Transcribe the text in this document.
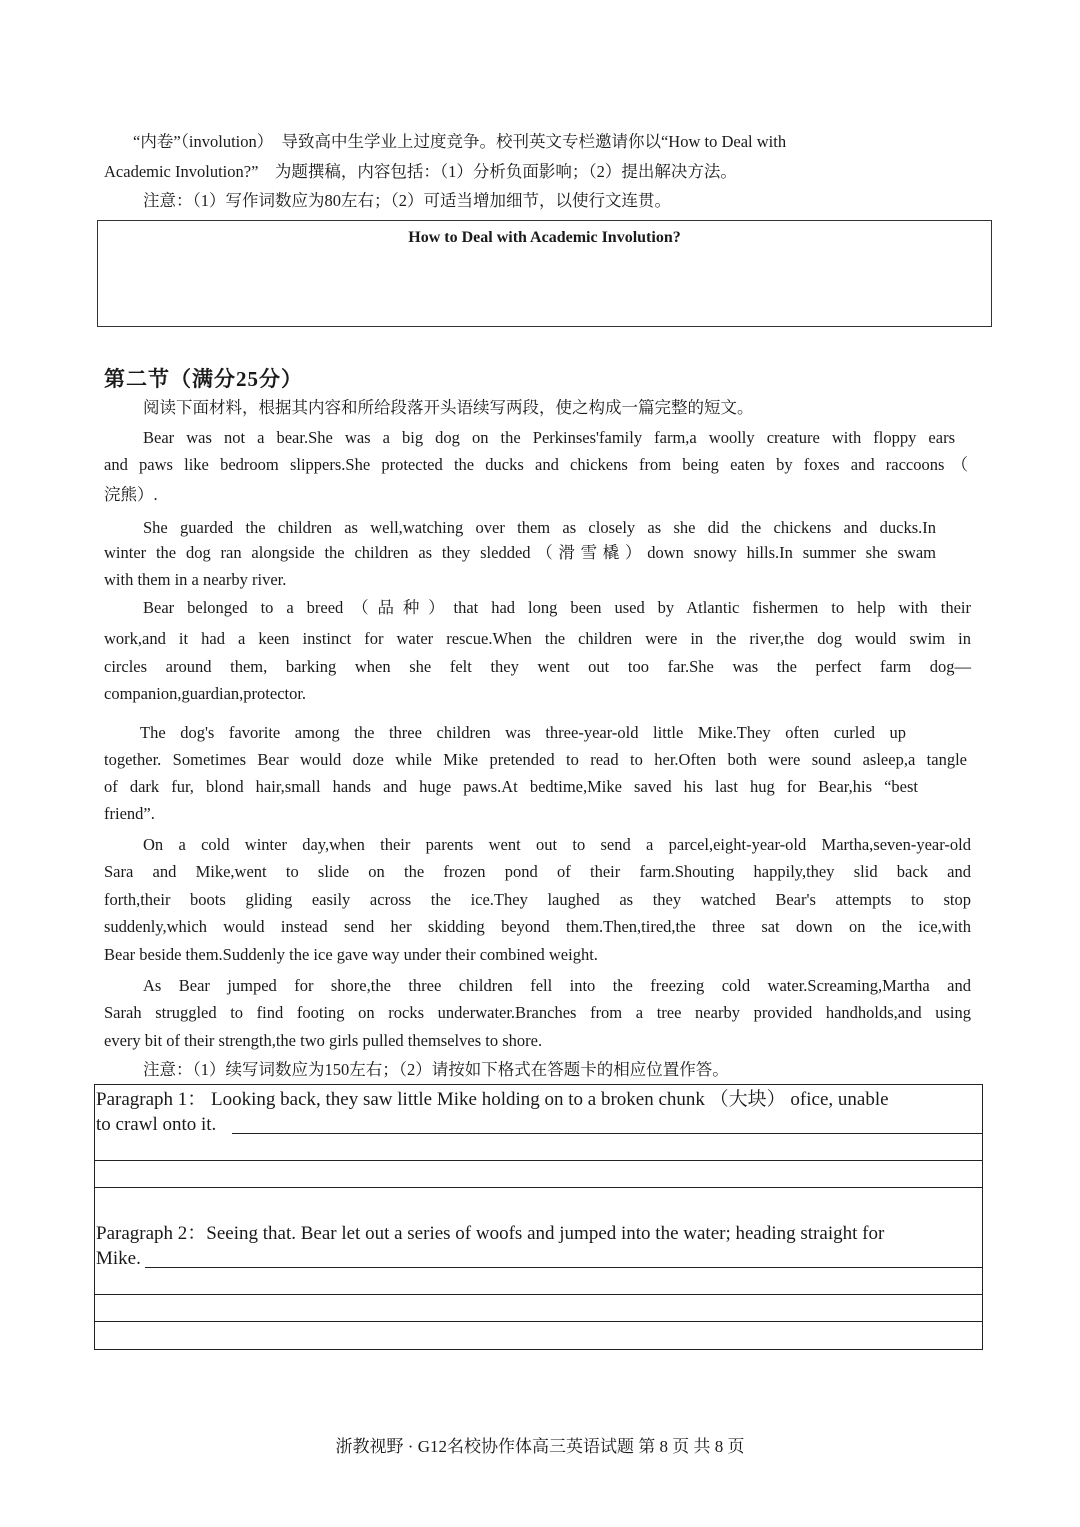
“内卷”（involution）　导致高中生学业上过度竞争。校刊英文专栏邀请你以“How to Deal with
Academic Involution?”　为题撰稿，内容包括：（1）分析负面影响；（2）提出解决方法。
注意：（1）写作词数应为80左右；（2）可适当增加细节，以使行文连贯。
How to Deal with Academic Involution?
第二节（满分25分）
阅读下面材料，根据其内容和所给段落开头语续写两段，使之构成一篇完整的短文。
Bear was not a bear.She was a big dog on the Perkinses'family farm,a woolly creature with floppy ears
and paws like bedroom slippers.She protected the ducks and chickens from being eaten by foxes and raccoons（
浣熊）.
She guarded the children as well,watching over them as closely as she did the chickens and ducks.In
winter the dog ran alongside the children as they sledded（滑雪橇）down snowy hills.In summer she swam
with them in a nearby river.
Bear belonged to a breed（品种）that had long been used by Atlantic fishermen to help with their
work,and it had a keen instinct for water rescue.When the children were in the river,the dog would swim in
circles around them, barking when she felt they went out too far.She was the perfect farm dog—
companion,guardian,protector.
The dog's favorite among the three children was three-year-old little Mike.They often curled up
together. Sometimes Bear would doze while Mike pretended to read to her.Often both were sound asleep,a tangle
of dark fur, blond hair,small hands and huge paws.At bedtime,Mike saved his last hug for Bear,his “best
friend”.
On a cold winter day,when their parents went out to send a parcel,eight-year-old Martha,seven-year-old
Sara and Mike,went to slide on the frozen pond of their farm.Shouting happily,they slid back and
forth,their boots gliding easily across the ice.They laughed as they watched Bear's attempts to stop
suddenly,which would instead send her skidding beyond them.Then,tired,the three sat down on the ice,with
Bear beside them.Suddenly the ice gave way under their combined weight.
As Bear jumped for shore,the three children fell into the freezing cold water.Screaming,Martha and
Sarah struggled to find footing on rocks underwater.Branches from a tree nearby provided handholds,and using
every bit of their strength,the two girls pulled themselves to shore.
注意：（1）续写词数应为150左右；（2）请按如下格式在答题卡的相应位置作答。
Paragraph 1： Looking back, they saw little Mike holding on to a broken chunk （大块） ofice, unable
to crawl onto it.
Paragraph 2：Seeing that. Bear let out a series of woofs and jumped into the water; heading straight for
Mike.
浙教视野 · G12名校协作体高三英语试题 第 8 页 共 8 页
